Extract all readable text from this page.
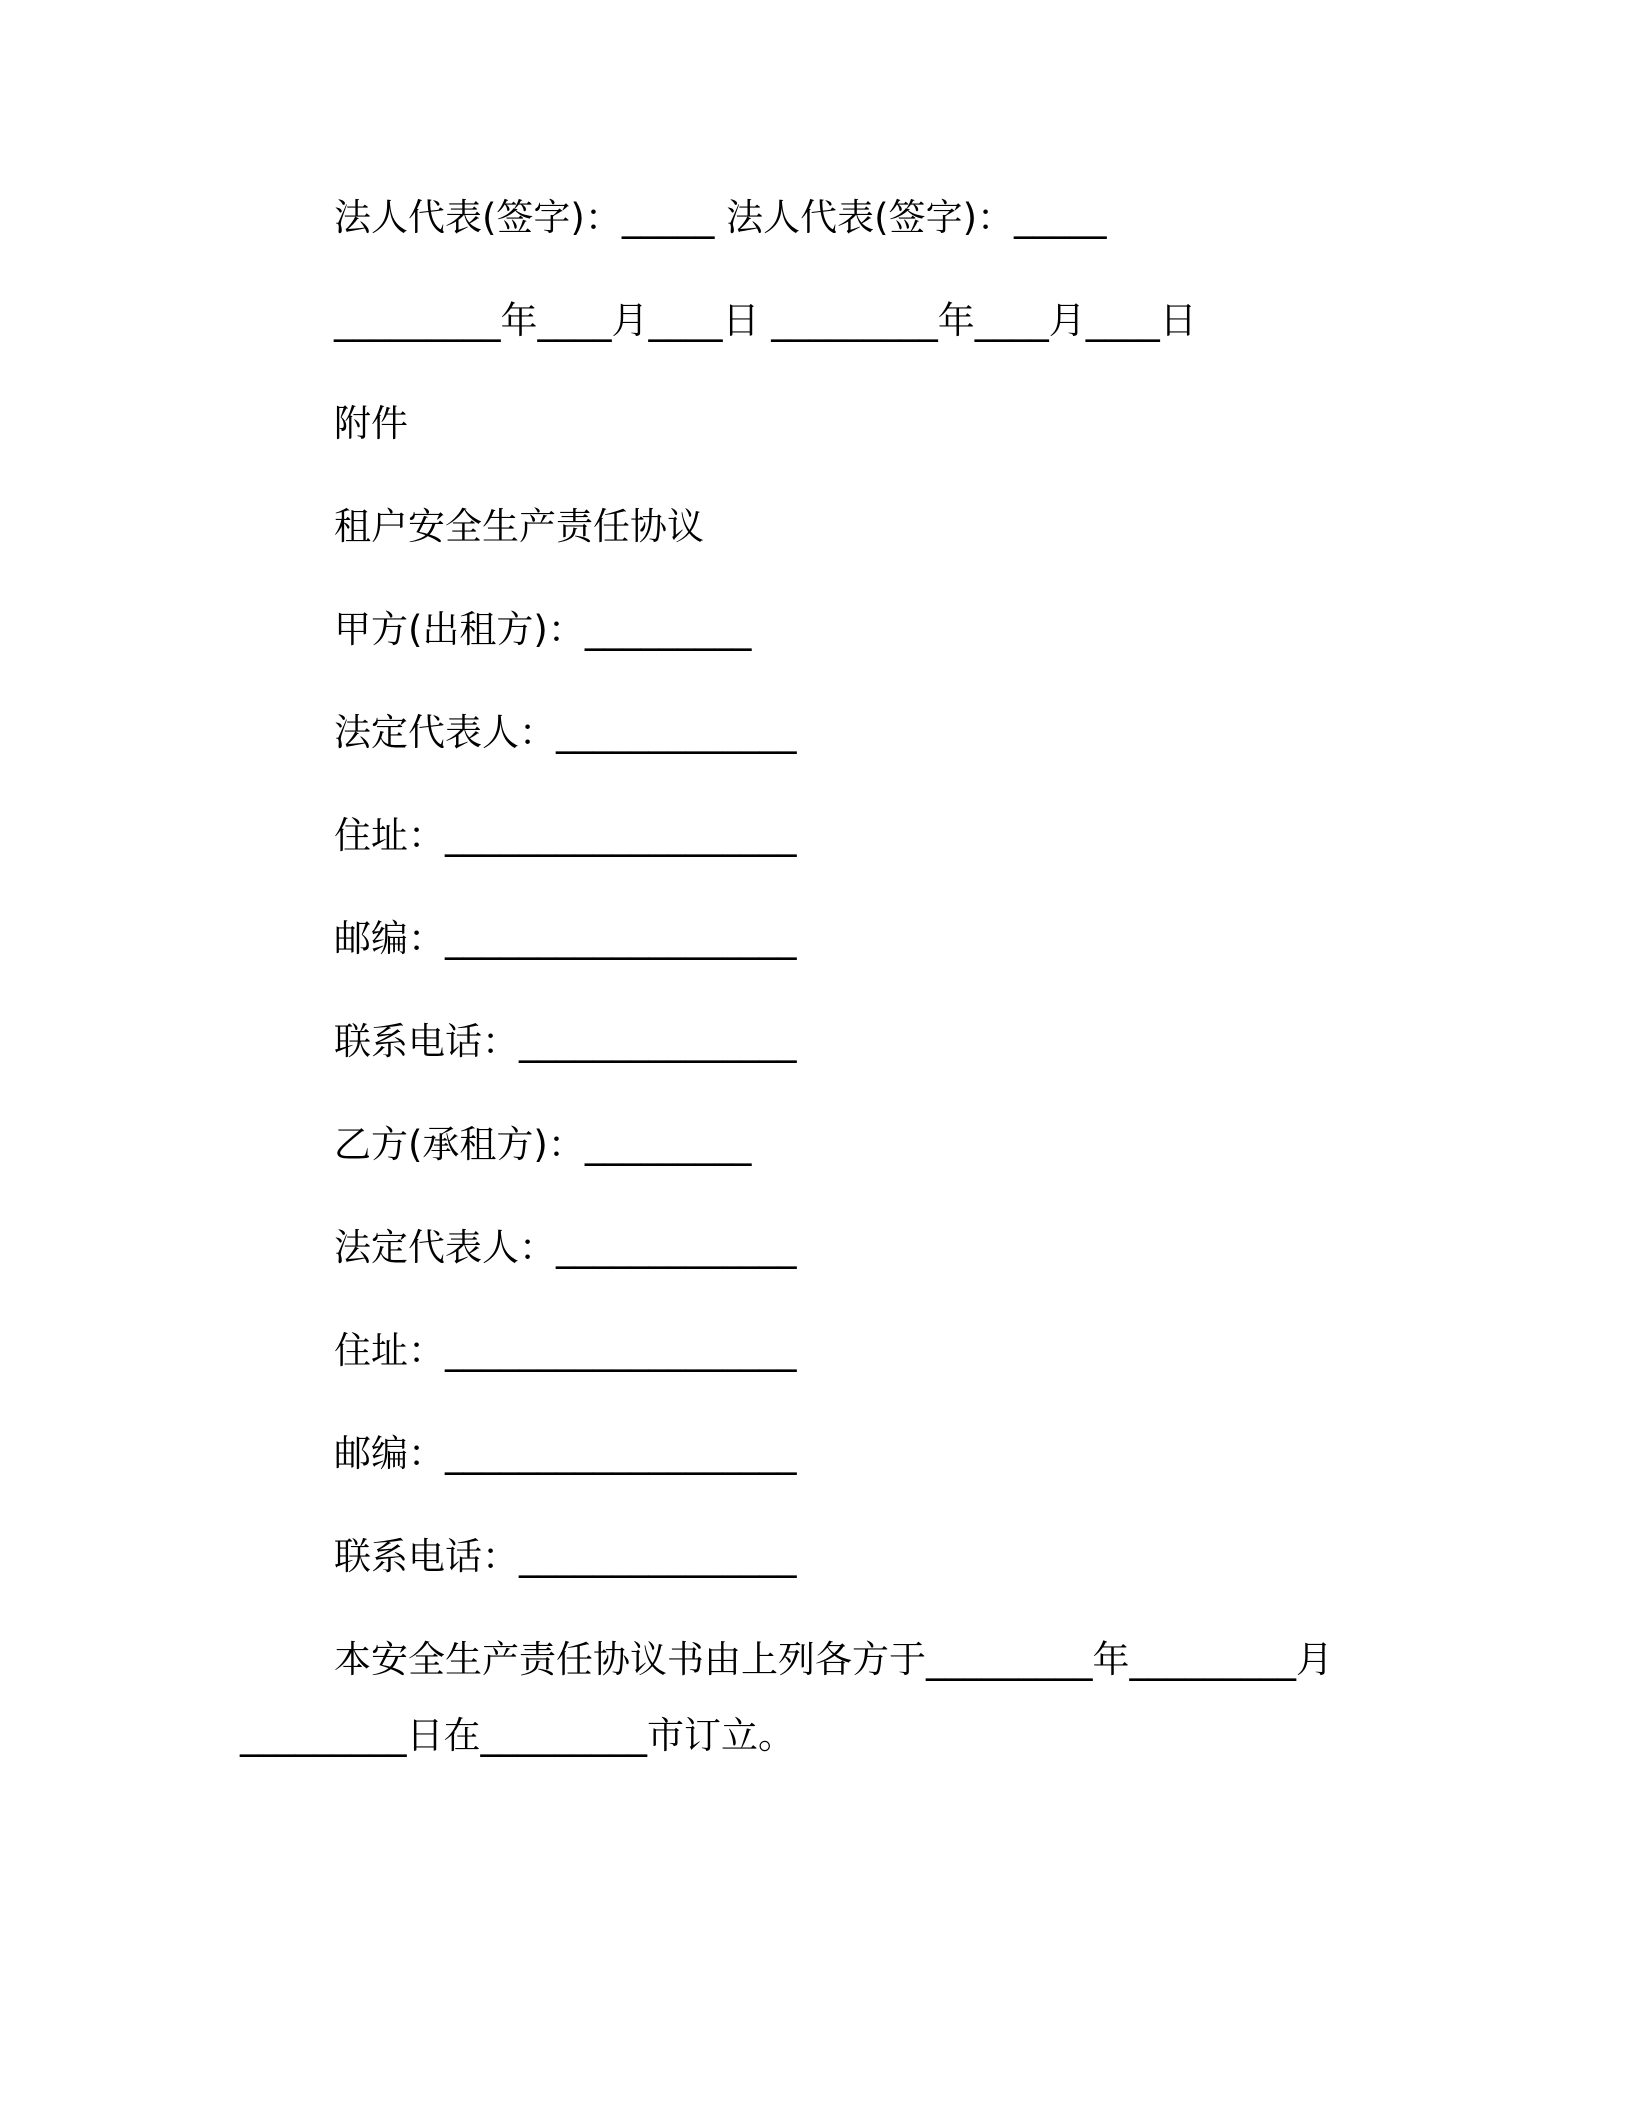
法人代表(签字)：_____ 法人代表(签字)：_____
_________年____月____日 _________年____月____日
附件
租户安全生产责任协议
甲方(出租方)：_________
法定代表人：_____________
住址：___________________
邮编：___________________
联系电话：_______________
乙方(承租方)：_________
法定代表人：_____________
住址：___________________
邮编：___________________
联系电话：_______________
本安全生产责任协议书由上列各方于_________年_________月
_________日在_________市订立。
